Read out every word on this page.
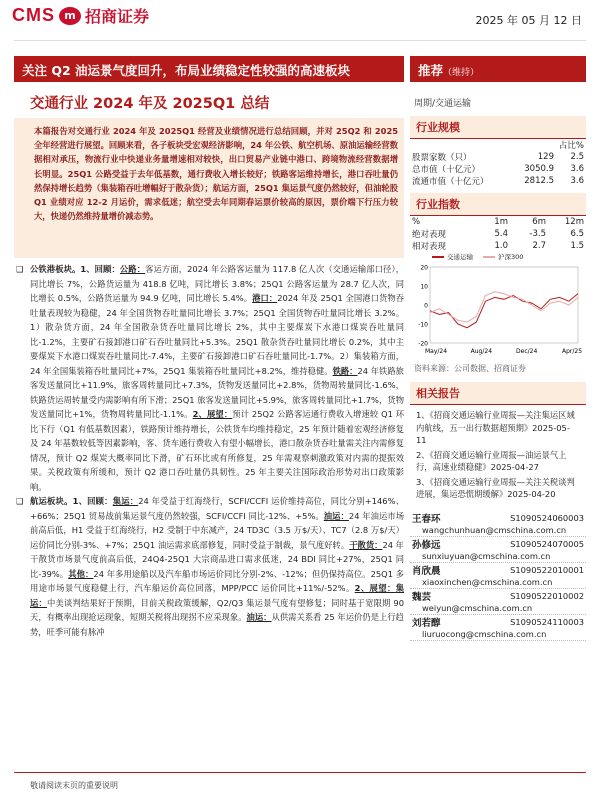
CMS m 招商证券	2025 年 05 月 12 日
关注 Q2 油运景气度回升，布局业绩稳定性较强的高速板块	推荐（维持）
交通行业 2024 年及 2025Q1 总结	周期/交通运输
本篇报告对交通行业 2024 年及 2025Q1 经营及业绩情况进行总结回顾，并对 25Q2 和 2025 全年经营进行展望。回顾来看，各子板块受宏观经济影响，24 年公铁、航空机场、原油运输经营数据相对承压，物流行业中快递业务量增速相对较快，出口贸易产业链中港口、跨境物流经营数据增长明显。25Q1 公路受益于去年低基数，通行费收入增长较好；铁路客运维持增长，港口吞吐量仍然保持增长趋势（集装箱吞吐增幅好于散杂货）；航运方面，25Q1 集运景气度仍然较好，但油轮股 Q1 业绩对应 12-2 月运价，需求低迷；航空受去年同期春运票价较高的原因，票价端下行压力较大，快递仍然维持量增价减态势。

❑ 公铁港板块。1、回顾：公路：客运方面，2024 年公路客运量为 117.8 亿人次（交通运输部口径），同比增长 7%，公路货运量为 418.8 亿吨，同比增长 3.8%；25Q1 公路客运量为 28.7 亿人次，同比增长 0.5%，公路货运量为 94.9 亿吨，同比增长 5.4%。港口：2024 年及 25Q1 全国港口货物吞吐量表现较为稳健，24 年全国货物吞吐量同比增长 3.7%；25Q1 全国货物吞吐量同比增长 3.2%。1）散杂货方面，24 年全国散杂货吞吐量同比增长 2%，其中主要煤炭下水港口煤炭吞吐量同比-1.2%，主要矿石接卸港口矿石吞吐量同比+5.3%。25Q1 散杂货吞吐量同比增长 0.2%，其中主要煤炭下水港口煤炭吞吐量同比-7.4%，主要矿石接卸港口矿石吞吐量同比-1.7%。2）集装箱方面，24 年全国集装箱吞吐量同比+7%，25Q1 集装箱吞吐量同比+8.2%，维持稳健。铁路：24 年铁路旅客发送量同比+11.9%，旅客周转量同比+7.3%，货物发送量同比+2.8%，货物周转量同比-1.6%，铁路货运周转量受内需影响有所下滑；25Q1 旅客发送量同比+5.9%，旅客周转量同比+1.7%，货物发送量同比+1%，货物周转量同比-1.1%。2、展望：预计 25Q2 公路客运通行费收入增速较 Q1 环比下行（Q1 有低基数因素），铁路预计维持增长，公铁货车均维持稳定，25 年预计随着宏观经济修复及 24 年基数较低等因素影响，客、货车通行费收入有望小幅增长，港口散杂货吞吐量需关注内需修复情况，预计 Q2 煤炭大概率同比下滑，矿石环比或有所修复，25 年需观察刺激政策对内需的提振效果。关税政策有所缓和，预计 Q2 港口吞吐量仍具韧性。25 年主要关注国际政治形势对出口政策影响。

❑ 航运板块。1、回顾：集运：24 年受益于红海绕行，SCFI/CCFI 运价维持高位，同比分别+146%、+66%；25Q1 贸易战前集运景气度仍然较强，SCFI/CCFI 同比-12%、+5%。油运：24 年油运市场前高后低，H1 受益于红海绕行，H2 受制于中东减产，24 TD3C（3.5 万$/天）、TC7（2.8 万$/天）运价同比分别-3%、+7%；25Q1 油运需求底部修复，同时受益于制裁，景气度好转。干散货：24 年干散货市场景气度前高后低，24Q4-25Q1 大宗商品进口需求低迷，24 BDI 同比+27%，25Q1 同比-39%。其他：24 年多用途船以及汽车船市场运价同比分别-2%、-12%；但仍保持高位。25Q1 多用途市场景气度稳健上行，汽车船运价高位回落，MPP/PCC 运价同比+11%/-52%。2、展望：集运：中美谈判结果好于预期，目前关税政策缓解，Q2/Q3 集运景气度有望修复；同时基于宽限期 90 天，有概率出现抢运现象，短期关税将出现拐不应采现象。油运：从供需关系看 25 年运价仍是上行趋势，旺季可能有脉冲

行业规模
占比%
股票家数（只）	129	2.5
总市值（十亿元）	3050.9	3.6
流通市值（十亿元）	2812.5	3.6
行业指数
%	1m	6m	12m
绝对表现	5.4	-3.5	6.5
相对表现	1.0	2.7	1.5
交通运输	沪深300
20
10
0
-10
-20
May/24	Aug/24	Dec/24	Apr/25
资料来源：公司数据、招商证券
相关报告
1、《招商交通运输行业周报—关注集运区域内航线，五一出行数据超预期》2025-05-11
2、《招商交通运输行业周报—油运景气上行，高速业绩稳健》2025-04-27
3、《招商交通运输行业周报—关注关税谈判进展，集运恐慌期缓解》2025-04-20
王春环	S1090524060003
wangchunhuan@cmschina.com.cn
孙修远	S1090524070005
sunxiuyuan@cmschina.com.cn
肖欣晨	S1090522010001
xiaoxinchen@cmschina.com.cn
魏芸	S1090522010002
weiyun@cmschina.com.cn
刘若醇	S1090524110003
liuruocong@cmschina.com.cn
敬请阅读末页的重要说明
